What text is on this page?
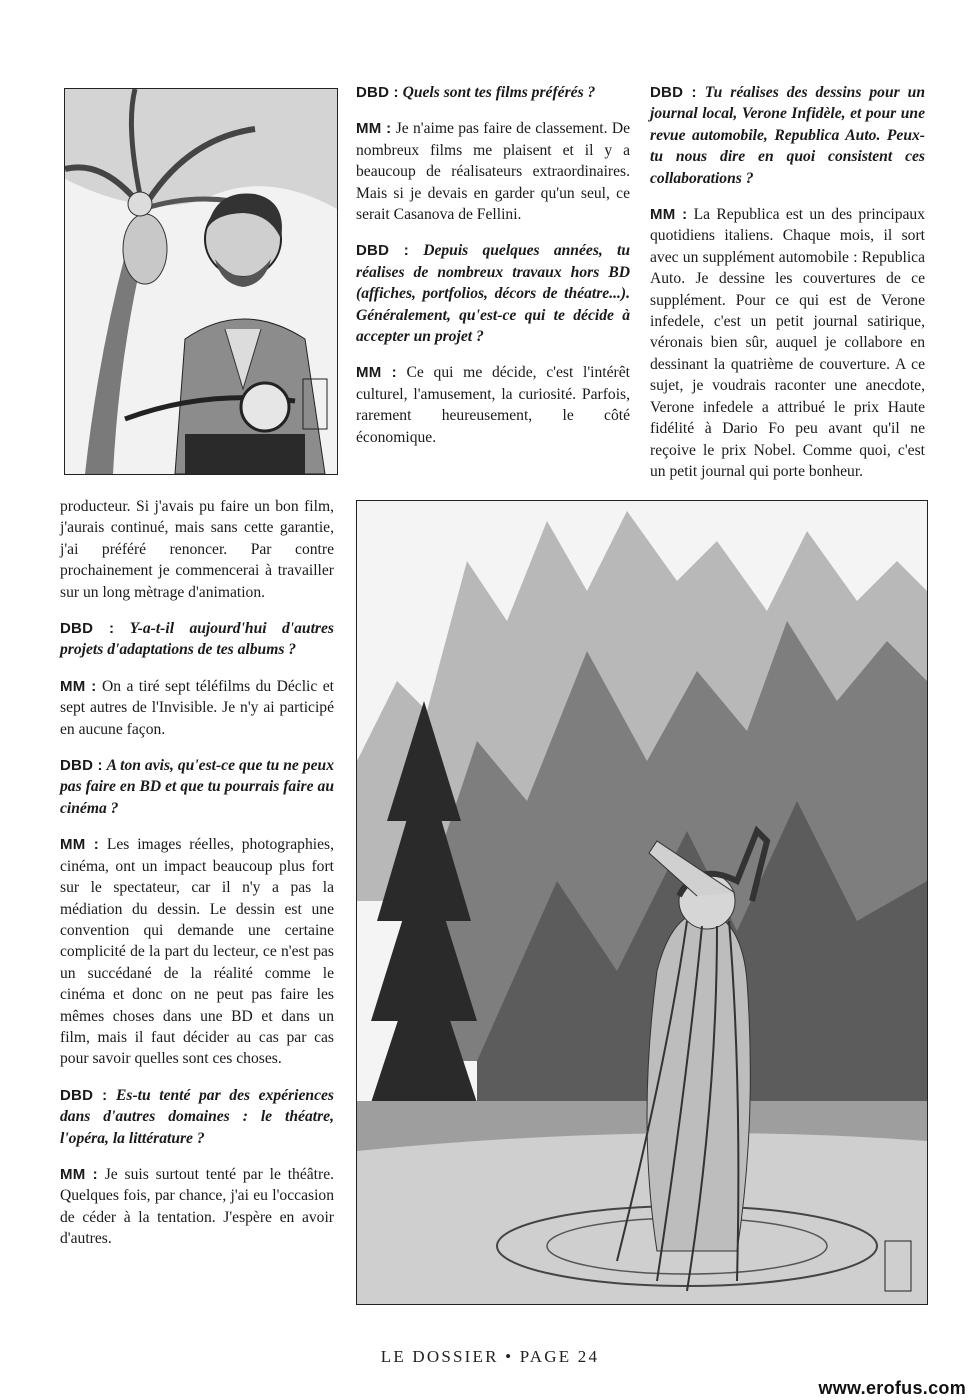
DBD : Quels sont tes films préférés ?

MM : Je n'aime pas faire de classement. De nombreux films me plaisent et il y a beaucoup de réalisateurs extraordinaires. Mais si je devais en garder qu'un seul, ce serait Casanova de Fellini.

DBD : Depuis quelques années, tu réalises de nombreux travaux hors BD (affiches, portfolios, décors de théatre...). Généralement, qu'est-ce qui te décide à accepter un projet ?

MM : Ce qui me décide, c'est l'intérêt culturel, l'amusement, la curiosité. Parfois, rarement heureusement, le côté économique.

DBD : Tu réalises des dessins pour un journal local, Verone Infidèle, et pour une revue automobile, Republica Auto. Peux-tu nous dire en quoi consistent ces collaborations ?

MM : La Republica est un des principaux quotidiens italiens. Chaque mois, il sort avec un supplément automobile : Republica Auto. Je dessine les couvertures de ce supplément. Pour ce qui est de Verone infedele, c'est un petit journal satirique, véronais bien sûr, auquel je collabore en dessinant la quatrième de couverture. A ce sujet, je voudrais raconter une anecdote, Verone infedele a attribué le prix Haute fidélité à Dario Fo peu avant qu'il ne reçoive le prix Nobel. Comme quoi, c'est un petit journal qui porte bonheur.

producteur. Si j'avais pu faire un bon film, j'aurais continué, mais sans cette garantie, j'ai préféré renoncer. Par contre prochainement je commencerai à travailler sur un long mètrage d'animation.

DBD : Y-a-t-il aujourd'hui d'autres projets d'adaptations de tes albums ?

MM : On a tiré sept téléfilms du Déclic et sept autres de l'Invisible. Je n'y ai participé en aucune façon.

DBD : A ton avis, qu'est-ce que tu ne peux pas faire en BD et que tu pourrais faire au cinéma ?

MM : Les images réelles, photographies, cinéma, ont un impact beaucoup plus fort sur le spectateur, car il n'y a pas la médiation du dessin. Le dessin est une convention qui demande une certaine complicité de la part du lecteur, ce n'est pas un succédané de la réalité comme le cinéma et donc on ne peut pas faire les mêmes choses dans une BD et dans un film, mais il faut décider au cas par cas pour savoir quelles sont ces choses.

DBD : Es-tu tenté par des expériences dans d'autres domaines : le théatre, l'opéra, la littérature ?

MM : Je suis surtout tenté par le théâtre. Quelques fois, par chance, j'ai eu l'occasion de céder à la tentation. J'espère en avoir d'autres.

LE DOSSIER • PAGE 24
www.erofus.com
